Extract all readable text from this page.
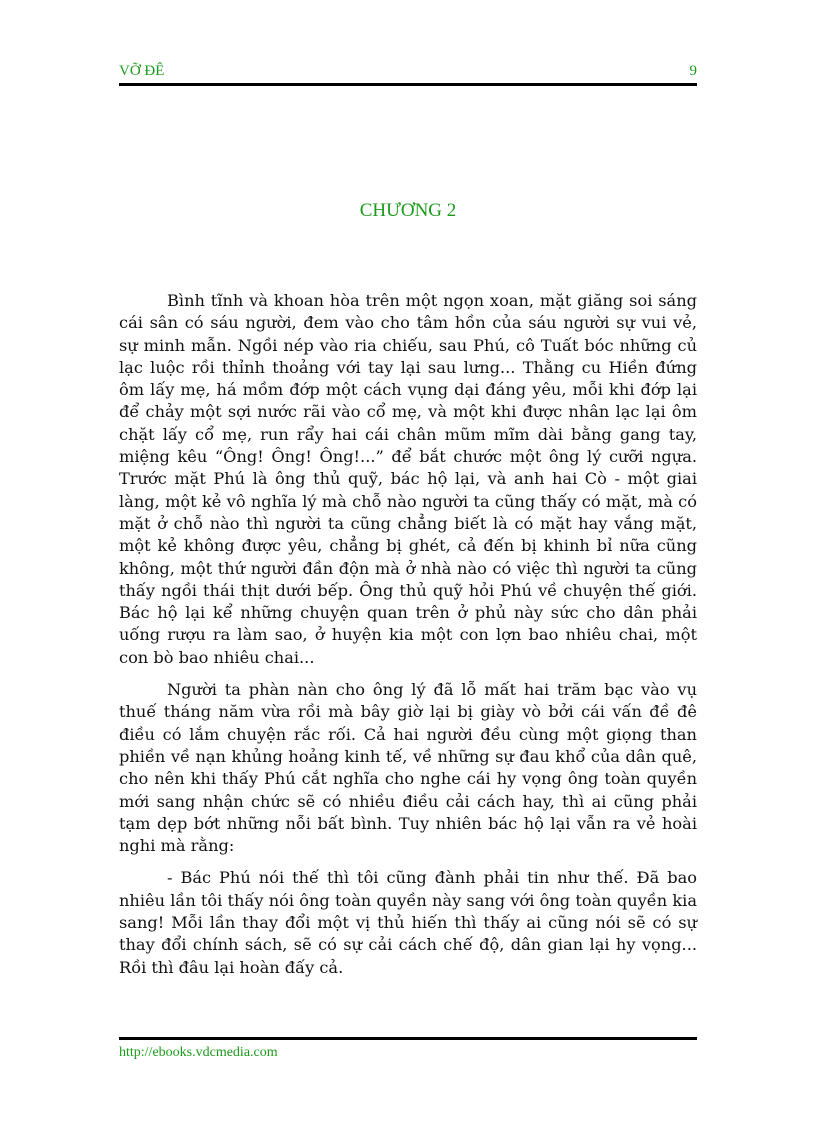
VỠ ĐÊ	9
CHƯƠNG 2

Bình tĩnh và khoan hòa trên một ngọn xoan, mặt giăng soi sáng cái sân có sáu người, đem vào cho tâm hồn của sáu người sự vui vẻ, sự minh mẫn. Ngồi nép vào ria chiếu, sau Phú, cô Tuất bóc những củ lạc luộc rồi thỉnh thoảng với tay lại sau lưng... Thằng cu Hiền đứng ôm lấy mẹ, há mồm đớp một cách vụng dại đáng yêu, mỗi khi đớp lại để chảy một sợi nước rãi vào cổ mẹ, và một khi được nhân lạc lại ôm chặt lấy cổ mẹ, run rẩy hai cái chân mũm mĩm dài bằng gang tay, miệng kêu “Ông! Ông! Ông!...” để bắt chước một ông lý cưỡi ngựa. Trước mặt Phú là ông thủ quỹ, bác hộ lại, và anh hai Cò - một giai làng, một kẻ vô nghĩa lý mà chỗ nào người ta cũng thấy có mặt, mà có mặt ở chỗ nào thì người ta cũng chẳng biết là có mặt hay vắng mặt, một kẻ không được yêu, chẳng bị ghét, cả đến bị khinh bỉ nữa cũng không, một thứ người đần độn mà ở nhà nào có việc thì người ta cũng thấy ngồi thái thịt dưới bếp. Ông thủ quỹ hỏi Phú về chuyện thế giới. Bác hộ lại kể những chuyện quan trên ở phủ này sức cho dân phải uống rượu ra làm sao, ở huyện kia một con lợn bao nhiêu chai, một con bò bao nhiêu chai...

Người ta phàn nàn cho ông lý đã lỗ mất hai trăm bạc vào vụ thuế tháng năm vừa rồi mà bây giờ lại bị giày vò bởi cái vấn đề đê điều có lắm chuyện rắc rối. Cả hai người đều cùng một giọng than phiền về nạn khủng hoảng kinh tế, về những sự đau khổ của dân quê, cho nên khi thấy Phú cắt nghĩa cho nghe cái hy vọng ông toàn quyền mới sang nhận chức sẽ có nhiều điều cải cách hay, thì ai cũng phải tạm dẹp bớt những nỗi bất bình. Tuy nhiên bác hộ lại vẫn ra vẻ hoài nghi mà rằng:

- Bác Phú nói thế thì tôi cũng đành phải tin như thế. Đã bao nhiêu lần tôi thấy nói ông toàn quyền này sang với ông toàn quyền kia sang! Mỗi lần thay đổi một vị thủ hiến thì thấy ai cũng nói sẽ có sự thay đổi chính sách, sẽ có sự cải cách chế độ, dân gian lại hy vọng... Rồi thì đâu lại hoàn đấy cả.

http://ebooks.vdcmedia.com
